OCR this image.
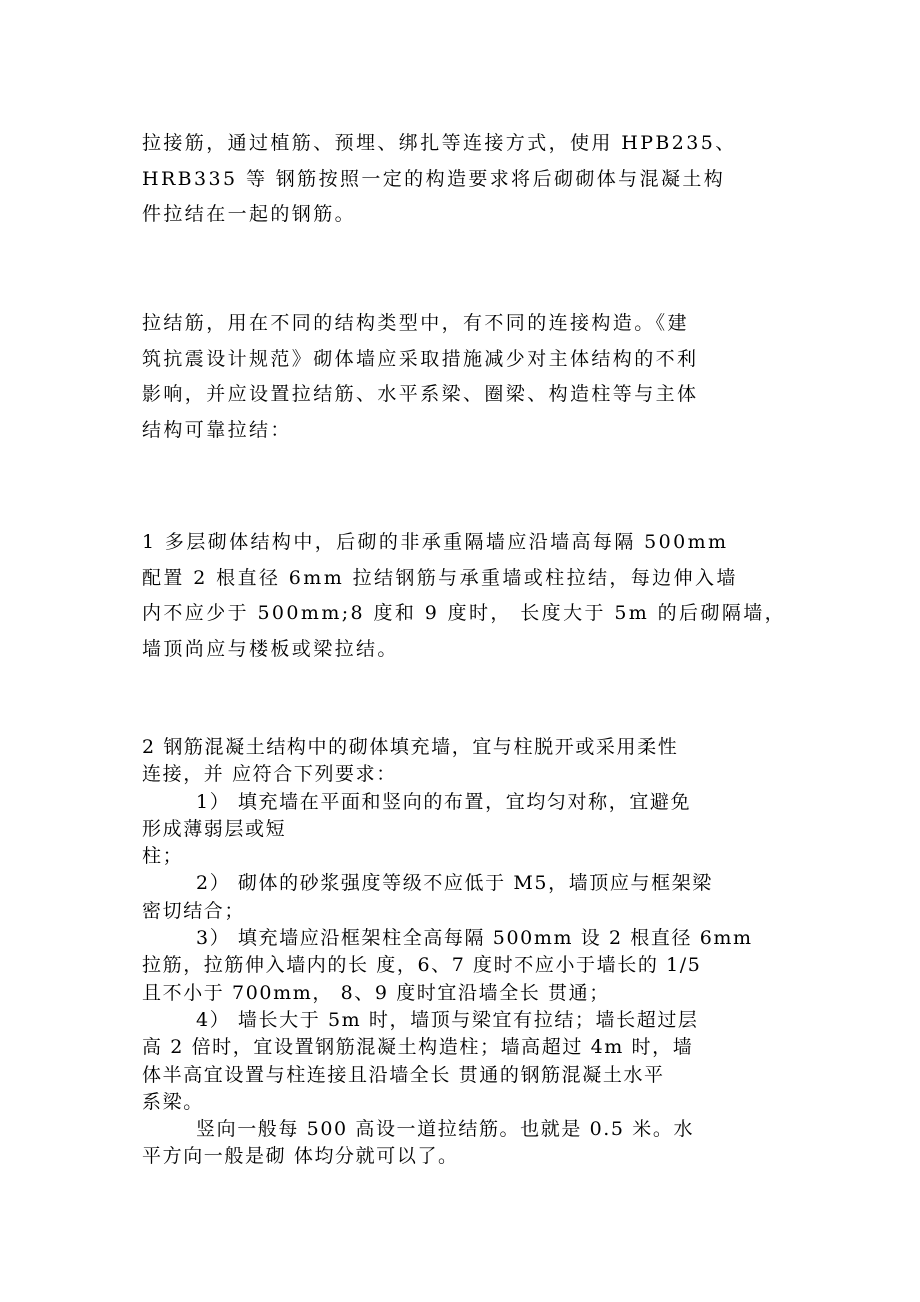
拉接筋，通过植筋、预埋、绑扎等连接方式，使用 HPB235、
HRB335 等 钢筋按照一定的构造要求将后砌砌体与混凝土构
件拉结在一起的钢筋。
拉结筋，用在不同的结构类型中，有不同的连接构造。《建
筑抗震设计规范》砌体墙应采取措施减少对主体结构的不利
影响，并应设置拉结筋、水平系梁、圈梁、构造柱等与主体
结构可靠拉结：
1 多层砌体结构中，后砌的非承重隔墙应沿墙高每隔 500mm
配置 2 根直径 6mm 拉结钢筋与承重墙或柱拉结，每边伸入墙
内不应少于 500mm;8 度和 9 度时， 长度大于 5m 的后砌隔墙，
墙顶尚应与楼板或梁拉结。
2 钢筋混凝土结构中的砌体填充墙，宜与柱脱开或采用柔性
连接，并 应符合下列要求：
1） 填充墙在平面和竖向的布置，宜均匀对称，宜避免
形成薄弱层或短
柱；
2） 砌体的砂浆强度等级不应低于 M5，墙顶应与框架梁
密切结合；
3） 填充墙应沿框架柱全高每隔 500mm 设 2 根直径 6mm
拉筋，拉筋伸入墙内的长 度，6、7 度时不应小于墙长的 1/5
且不小于 700mm， 8、9 度时宜沿墙全长 贯通；
4） 墙长大于 5m 时，墙顶与梁宜有拉结；墙长超过层
高 2 倍时，宜设置钢筋混凝土构造柱；墙高超过 4m 时，墙
体半高宜设置与柱连接且沿墙全长 贯通的钢筋混凝土水平
系梁。
竖向一般每 500 高设一道拉结筋。也就是 0.5 米。水
平方向一般是砌 体均分就可以了。
